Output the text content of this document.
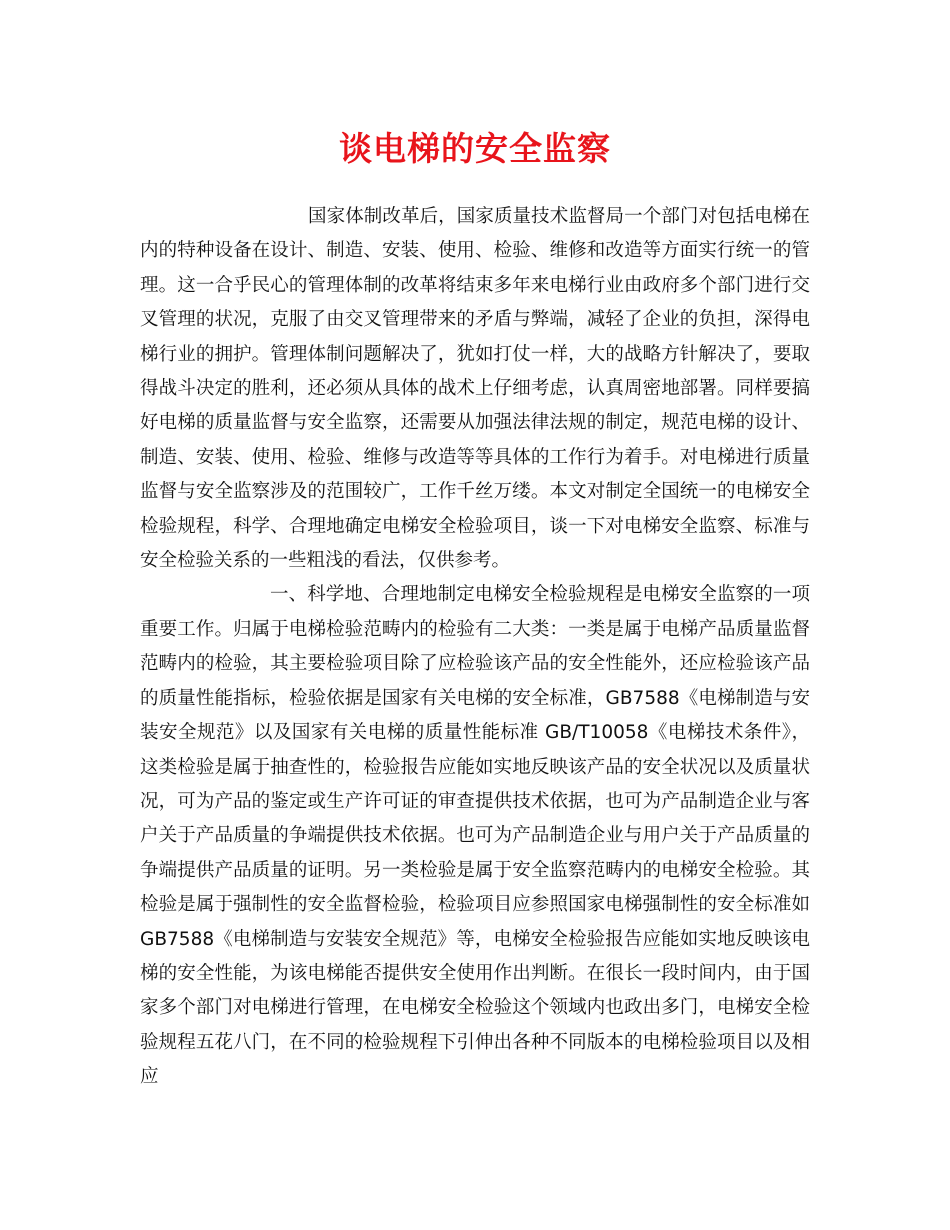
谈电梯的安全监察

国家体制改革后，国家质量技术监督局一个部门对包括电梯在内的特种设备在设计、制造、安装、使用、检验、维修和改造等方面实行统一的管理。这一合乎民心的管理体制的改革将结束多年来电梯行业由政府多个部门进行交叉管理的状况，克服了由交叉管理带来的矛盾与弊端，减轻了企业的负担，深得电梯行业的拥护。管理体制问题解决了，犹如打仗一样，大的战略方针解决了，要取得战斗决定的胜利，还必须从具体的战术上仔细考虑，认真周密地部署。同样要搞好电梯的质量监督与安全监察，还需要从加强法律法规的制定，规范电梯的设计、制造、安装、使用、检验、维修与改造等等具体的工作行为着手。对电梯进行质量监督与安全监察涉及的范围较广，工作千丝万缕。本文对制定全国统一的电梯安全检验规程，科学、合理地确定电梯安全检验项目，谈一下对电梯安全监察、标准与安全检验关系的一些粗浅的看法，仅供参考。

一、科学地、合理地制定电梯安全检验规程是电梯安全监察的一项重要工作。归属于电梯检验范畴内的检验有二大类：一类是属于电梯产品质量监督范畴内的检验，其主要检验项目除了应检验该产品的安全性能外，还应检验该产品的质量性能指标，检验依据是国家有关电梯的安全标准，GB7588《电梯制造与安装安全规范》以及国家有关电梯的质量性能标准 GB/T10058《电梯技术条件》，这类检验是属于抽查性的，检验报告应能如实地反映该产品的安全状况以及质量状况，可为产品的鉴定或生产许可证的审查提供技术依据，也可为产品制造企业与客户关于产品质量的争端提供技术依据。也可为产品制造企业与用户关于产品质量的争端提供产品质量的证明。另一类检验是属于安全监察范畴内的电梯安全检验。其检验是属于强制性的安全监督检验，检验项目应参照国家电梯强制性的安全标准如GB7588《电梯制造与安装安全规范》等，电梯安全检验报告应能如实地反映该电梯的安全性能，为该电梯能否提供安全使用作出判断。在很长一段时间内，由于国家多个部门对电梯进行管理，在电梯安全检验这个领域内也政出多门，电梯安全检验规程五花八门，在不同的检验规程下引伸出各种不同版本的电梯检验项目以及相应
